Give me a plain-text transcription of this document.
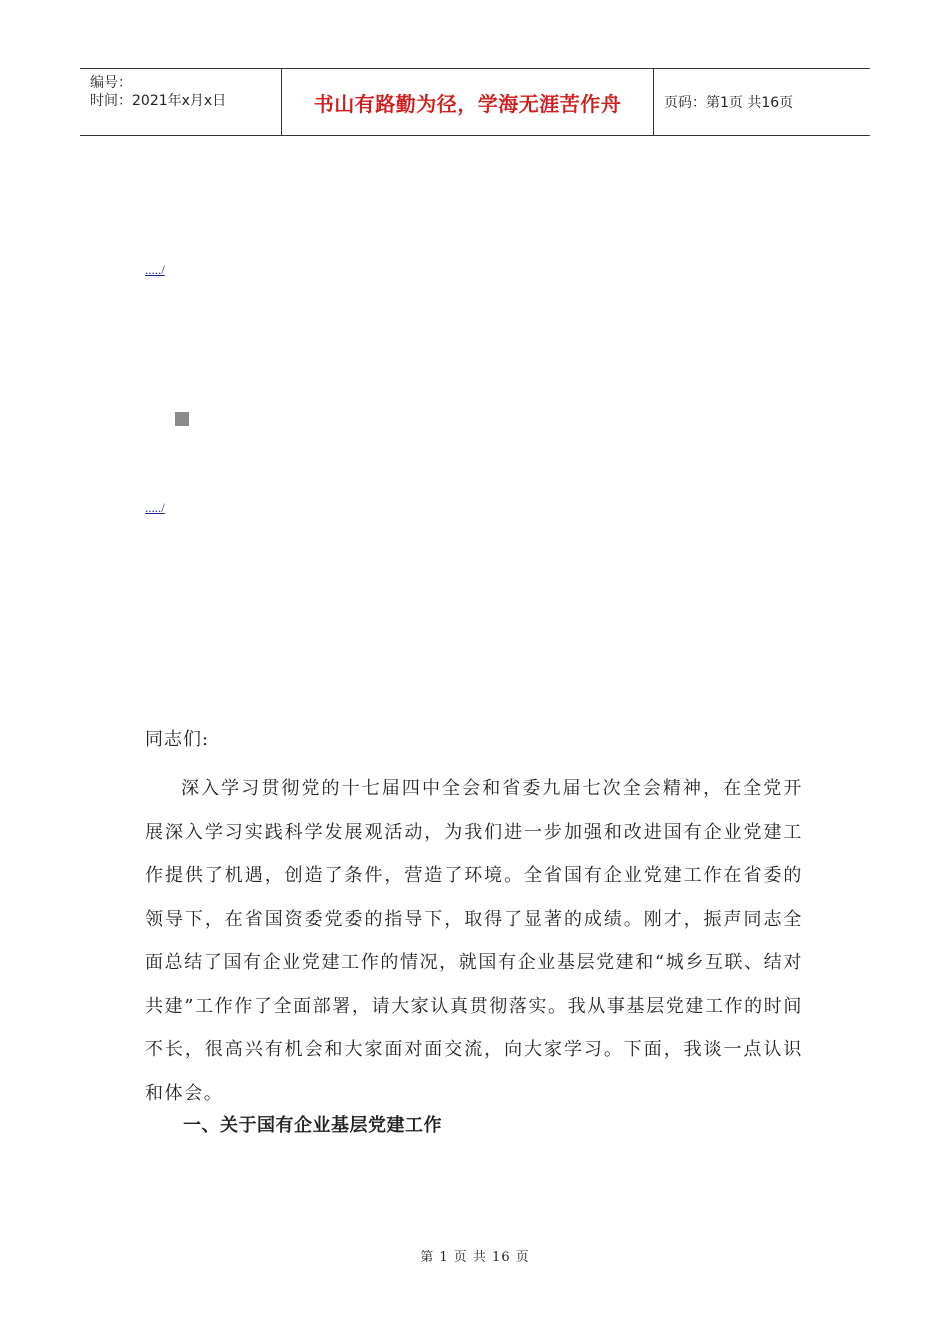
编号：
时间：2021年x月x日	书山有路勤为径，学海无涯苦作舟	页码：第1页 共16页
...../
...../
同志们:

深入学习贯彻党的十七届四中全会和省委九届七次全会精神，在全党开展深入学习实践科学发展观活动，为我们进一步加强和改进国有企业党建工作提供了机遇，创造了条件，营造了环境。全省国有企业党建工作在省委的领导下，在省国资委党委的指导下，取得了显著的成绩。刚才，振声同志全面总结了国有企业党建工作的情况，就国有企业基层党建和“城乡互联、结对共建”工作作了全面部署，请大家认真贯彻落实。我从事基层党建工作的时间不长，很高兴有机会和大家面对面交流，向大家学习。下面，我谈一点认识和体会。

一、关于国有企业基层党建工作
第 1 页 共 16 页
